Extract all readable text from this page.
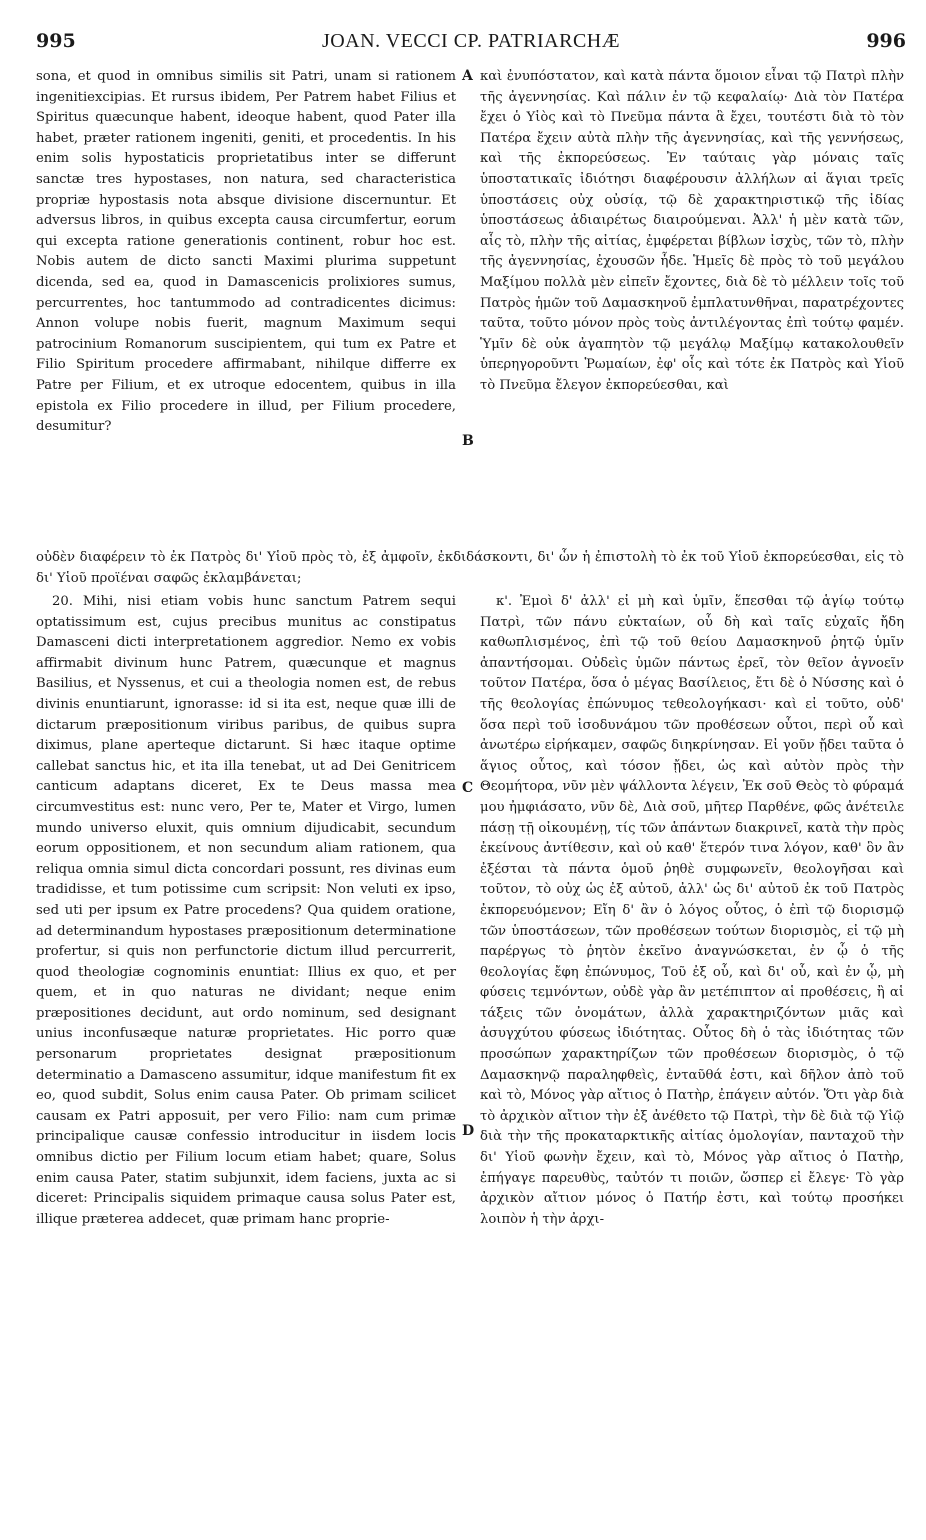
995	JOAN. VECCI CP. PATRIARCHÆ	996

sona, et quod in omnibus similis sit Patri, unam si rationem ingenitiexcipias. Et rursus ibidem, Per Patrem habet Filius et Spiritus quæcunque habent, ideoque habent, quod Pater illa habet, præter rationem ingeniti, geniti, et procedentis. In his enim solis hypostaticis proprietatibus inter se differunt sanctæ tres hypostases, non natura, sed characteristica propriæ hypostasis nota absque divisione discernuntur. Et adversus libros, in quibus excepta causa circumfertur, eorum qui excepta ratione generationis continent, robur hoc est. Nobis autem de dicto sancti Maximi plurima suppetunt dicenda, sed ea, quod in Damascenicis prolixiores sumus, percurrentes, hoc tantummodo ad contradicentes dicimus: Annon volupe nobis fuerit, magnum Maximum sequi patrocinium Romanorum suscipientem, qui tum ex Patre et Filio Spiritum procedere affirmabant, nihilque differre ex Patre per Filium, et ex utroque edocentem, quibus in illa epistola ex Filio procedere in illud, per Filium procedere, desumitur?

καὶ ἐνυπόστατον, καὶ κατὰ πάντα ὅμοιον εἶναι τῷ Πατρὶ πλὴν τῆς ἀγεννησίας. Καὶ πάλιν ἐν τῷ κεφαλαίῳ· Διὰ τὸν Πατέρα ἔχει ὁ Υἱὸς καὶ τὸ Πνεῦμα πάντα ἃ ἔχει, τουτέστι διὰ τὸ τὸν Πατέρα ἔχειν αὐτὰ πλὴν τῆς ἀγεννησίας, καὶ τῆς γεννήσεως, καὶ τῆς ἐκπορεύσεως. Ἐν ταύταις γὰρ μόναις ταῖς ὑποστατικαῖς ἰδιότησι διαφέρουσιν ἀλλήλων αἱ ἅγιαι τρεῖς ὑποστάσεις οὐχ οὐσίᾳ, τῷ δὲ χαρακτηριστικῷ τῆς ἰδίας ὑποστάσεως ἀδιαιρέτως διαιρούμεναι. Ἀλλ' ἡ μὲν κατὰ τῶν, αἷς τὸ, πλὴν τῆς αἰτίας, ἐμφέρεται βίβλων ἰσχὺς, τῶν τὸ, πλὴν τῆς ἀγεννησίας, ἐχουσῶν ἧδε. Ἡμεῖς δὲ πρὸς τὸ τοῦ μεγάλου Μαξίμου πολλὰ μὲν εἰπεῖν ἔχοντες, διὰ δὲ τὸ μέλλειν τοῖς τοῦ Πατρὸς ἡμῶν τοῦ Δαμασκηνοῦ ἐμπλατυνθῆναι, παρατρέχοντες ταῦτα, τοῦτο μόνον πρὸς τοὺς ἀντιλέγοντας ἐπὶ τούτῳ φαμέν. Ὑμῖν δὲ οὐκ ἀγαπητὸν τῷ μεγάλῳ Μαξίμῳ κατακολουθεῖν ὑπερηγοροῦντι Ῥωμαίων, ἐφ' οἷς καὶ τότε ἐκ Πατρὸς καὶ Υἱοῦ τὸ Πνεῦμα ἔλεγον ἐκπορεύεσθαι, καὶ

οὐδὲν διαφέρειν τὸ ἐκ Πατρὸς δι' Υἱοῦ πρὸς τὸ, ἐξ ἀμφοῖν, ἐκδιδάσκοντι, δι' ὧν ἡ ἐπιστολὴ τὸ ἐκ τοῦ Υἱοῦ ἐκπορεύεσθαι, εἰς τὸ δι' Υἱοῦ προϊέναι σαφῶς ἐκλαμβάνεται;

20. Mihi, nisi etiam vobis hunc sanctum Patrem sequi optatissimum est, cujus precibus munitus ac constipatus Damasceni dicti interpretationem aggredior. Nemo ex vobis affirmabit divinum hunc Patrem, quæcunque et magnus Basilius, et Nyssenus, et cui a theologia nomen est, de rebus divinis enuntiarunt, ignorasse: id si ita est, neque quæ illi de dictarum præpositionum viribus paribus, de quibus supra diximus, plane aperteque dictarunt. Si hæc itaque optime callebat sanctus hic, et ita illa tenebat, ut ad Dei Genitricem canticum adaptans diceret, Ex te Deus massa mea circumvestitus est: nunc vero, Per te, Mater et Virgo, lumen mundo universo eluxit, quis omnium dijudicabit, secundum eorum oppositionem, et non secundum aliam rationem, qua reliqua omnia simul dicta concordari possunt, res divinas eum tradidisse, et tum potissime cum scripsit: Non veluti ex ipso, sed uti per ipsum ex Patre procedens? Qua quidem oratione, ad determinandum hypostases præpositionum determinatione profertur, si quis non perfunctorie dictum illud percurrerit, quod theologiæ cognominis enuntiat: Illius ex quo, et per quem, et in quo naturas ne dividant; neque enim præpositiones decidunt, aut ordo nominum, sed designant unius inconfusæque naturæ proprietates. Hic porro quæ personarum proprietates designat præpositionum determinatio a Damasceno assumitur, idque manifestum fit ex eo, quod subdit, Solus enim causa Pater. Ob primam scilicet causam ex Patri apposuit, per vero Filio: nam cum primæ principalique causæ confessio introducitur in iisdem locis omnibus dictio per Filium locum etiam habet; quare, Solus enim causa Pater, statim subjunxit, idem faciens, juxta ac si diceret: Principalis siquidem primaque causa solus Pater est, illique præterea addecet, quæ primam hanc proprie-

κ'. Ἐμοὶ δ' ἀλλ' εἰ μὴ καὶ ὑμῖν, ἕπεσθαι τῷ ἁγίῳ τούτῳ Πατρὶ, τῶν πάνυ εὐκταίων, οὗ δὴ καὶ ταῖς εὐχαῖς ἤδη καθωπλισμένος, ἐπὶ τῷ τοῦ θείου Δαμασκηνοῦ ῥητῷ ὑμῖν ἀπαντήσομαι. Οὐδεὶς ὑμῶν πάντως ἐρεῖ, τὸν θεῖον ἀγνοεῖν τοῦτον Πατέρα, ὅσα ὁ μέγας Βασίλειος, ἔτι δὲ ὁ Νύσσης καὶ ὁ τῆς θεολογίας ἐπώνυμος τεθεολογήκασι· καὶ εἰ τοῦτο, οὐδ' ὅσα περὶ τοῦ ἰσοδυνάμου τῶν προθέσεων οὗτοι, περὶ οὗ καὶ ἀνωτέρω εἰρήκαμεν, σαφῶς διηκρίνησαν. Εἰ γοῦν ᾔδει ταῦτα ὁ ἅγιος οὗτος, καὶ τόσον ᾔδει, ὡς καὶ αὐτὸν πρὸς τὴν Θεομήτορα, νῦν μὲν ψάλλοντα λέγειν, Ἐκ σοῦ Θεὸς τὸ φύραμά μου ἠμφιάσατο, νῦν δὲ, Διὰ σοῦ, μῆτερ Παρθένε, φῶς ἀνέτειλε πάσῃ τῇ οἰκουμένῃ, τίς τῶν ἁπάντων διακρινεῖ, κατὰ τὴν πρὸς ἐκείνους ἀντίθεσιν, καὶ οὐ καθ' ἕτερόν τινα λόγον, καθ' ὃν ἂν ἐξέσται τὰ πάντα ὁμοῦ ῥηθὲ συμφωνεῖν, θεολογῆσαι καὶ τοῦτον, τὸ οὐχ ὡς ἐξ αὐτοῦ, ἀλλ' ὡς δι' αὐτοῦ ἐκ τοῦ Πατρὸς ἐκπορευόμενον; Εἴη δ' ἂν ὁ λόγος οὗτος, ὁ ἐπὶ τῷ διορισμῷ τῶν ὑποστάσεων, τῶν προθέσεων τούτων διορισμὸς, εἰ τῷ μὴ παρέργως τὸ ῥητὸν ἐκεῖνο ἀναγνώσκεται, ἐν ᾧ ὁ τῆς θεολογίας ἔφη ἐπώνυμος, Τοῦ ἐξ οὗ, καὶ δι' οὗ, καὶ ἐν ᾧ, μὴ φύσεις τεμνόντων, οὐδὲ γὰρ ἂν μετέπιπτον αἱ προθέσεις, ἢ αἱ τάξεις τῶν ὀνομάτων, ἀλλὰ χαρακτηριζόντων μιᾶς καὶ ἀσυγχύτου φύσεως ἰδιότητας. Οὗτος δὴ ὁ τὰς ἰδιότητας τῶν προσώπων χαρακτηρίζων τῶν προθέσεων διορισμὸς, ὁ τῷ Δαμασκηνῷ παραληφθεὶς, ἐνταῦθά ἐστι, καὶ δῆλον ἀπὸ τοῦ καὶ τὸ, Μόνος γὰρ αἴτιος ὁ Πατὴρ, ἐπάγειν αὐτόν. Ὅτι γὰρ διὰ τὸ ἀρχικὸν αἴτιον τὴν ἐξ ἀνέθετο τῷ Πατρὶ, τὴν δὲ διὰ τῷ Υἱῷ διὰ τὴν τῆς προκαταρκτικῆς αἰτίας ὁμολογίαν, πανταχοῦ τὴν δι' Υἱοῦ φωνὴν ἔχειν, καὶ τὸ, Μόνος γὰρ αἴτιος ὁ Πατὴρ, ἐπήγαγε παρευθὺς, ταὐτόν τι ποιῶν, ὥσπερ εἰ ἔλεγε· Τὸ γὰρ ἀρχικὸν αἴτιον μόνος ὁ Πατήρ ἐστι, καὶ τούτῳ προσήκει λοιπὸν ἡ τὴν ἀρχι-

A
B
C
D
